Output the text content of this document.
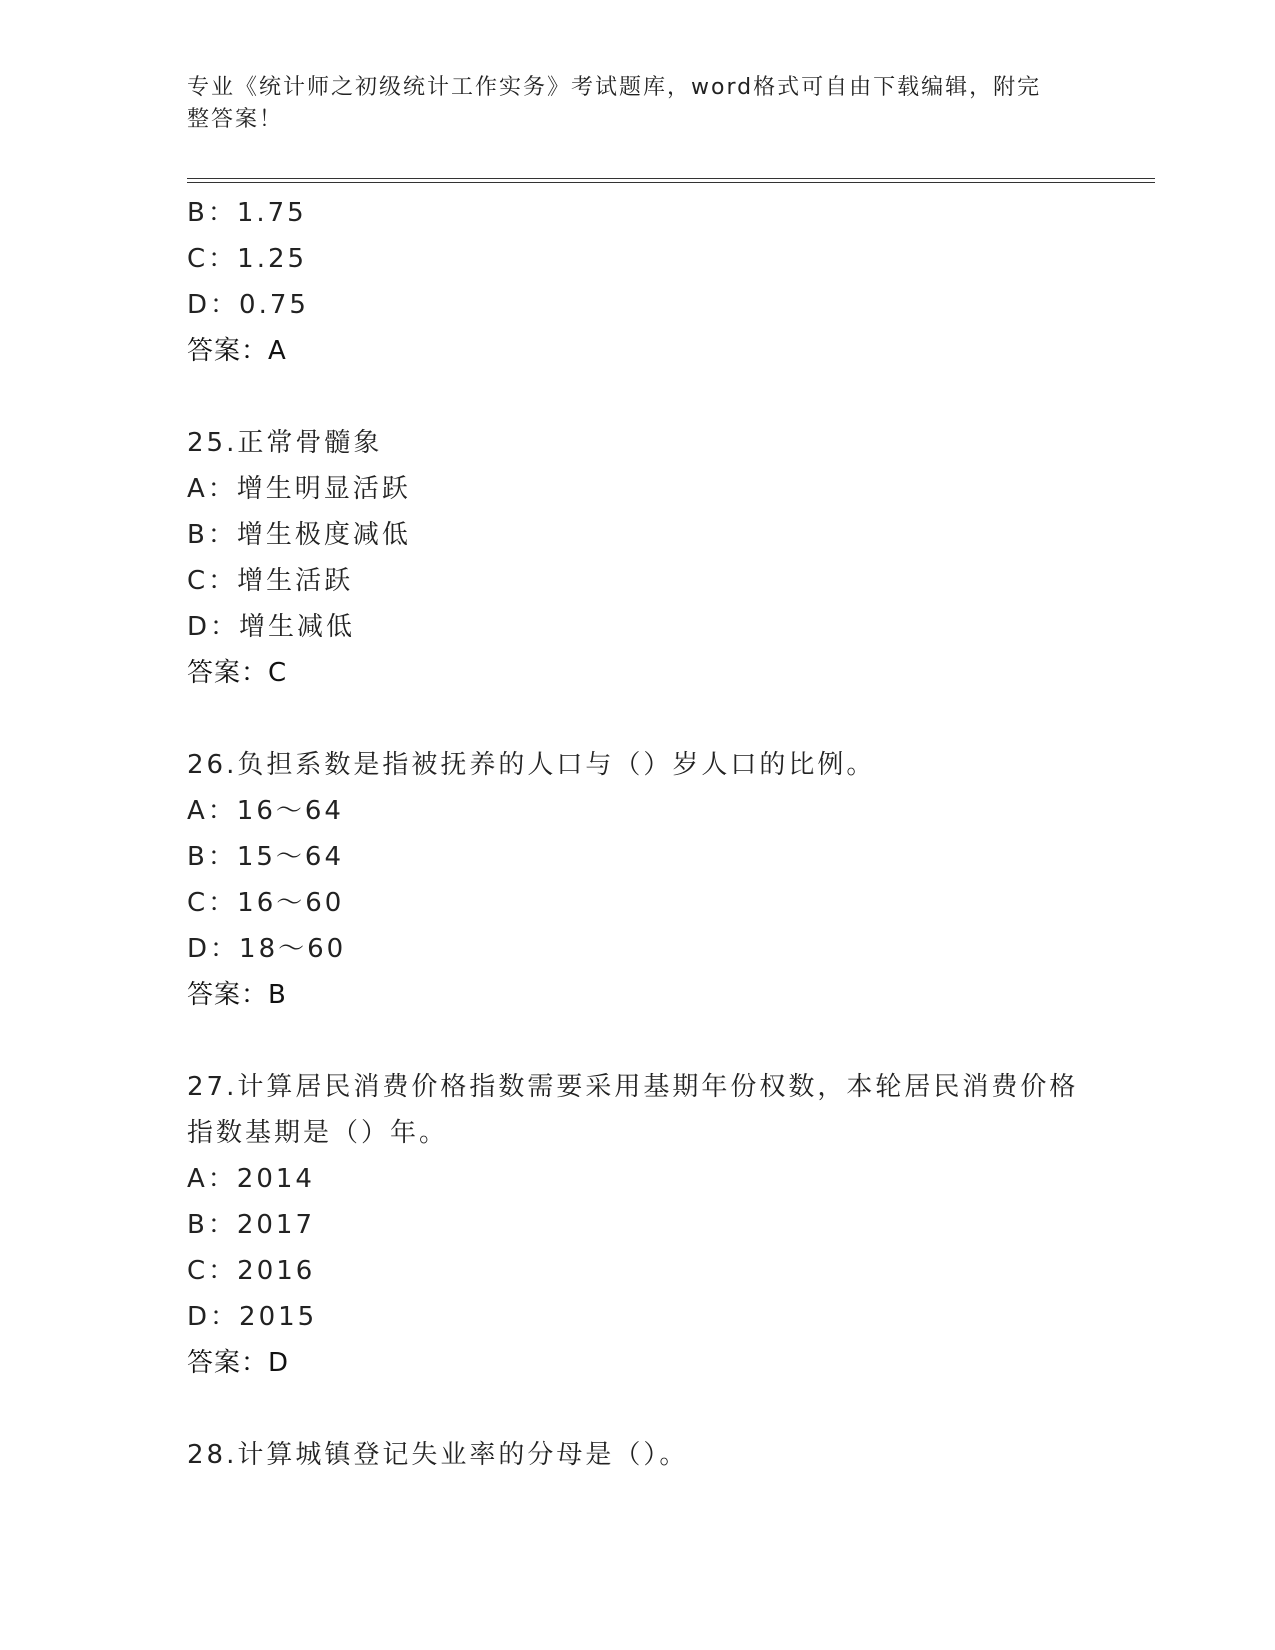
专业《统计师之初级统计工作实务》考试题库，word格式可自由下载编辑，附完
整答案！
B：1.75
C：1.25
D：0.75
答案：A
25.正常骨髓象
A：增生明显活跃
B：增生极度减低
C：增生活跃
D：增生减低
答案：C
26.负担系数是指被抚养的人口与（）岁人口的比例。
A：16～64
B：15～64
C：16～60
D：18～60
答案：B
27.计算居民消费价格指数需要采用基期年份权数，本轮居民消费价格
指数基期是（）年。
A：2014
B：2017
C：2016
D：2015
答案：D
28.计算城镇登记失业率的分母是（）。
